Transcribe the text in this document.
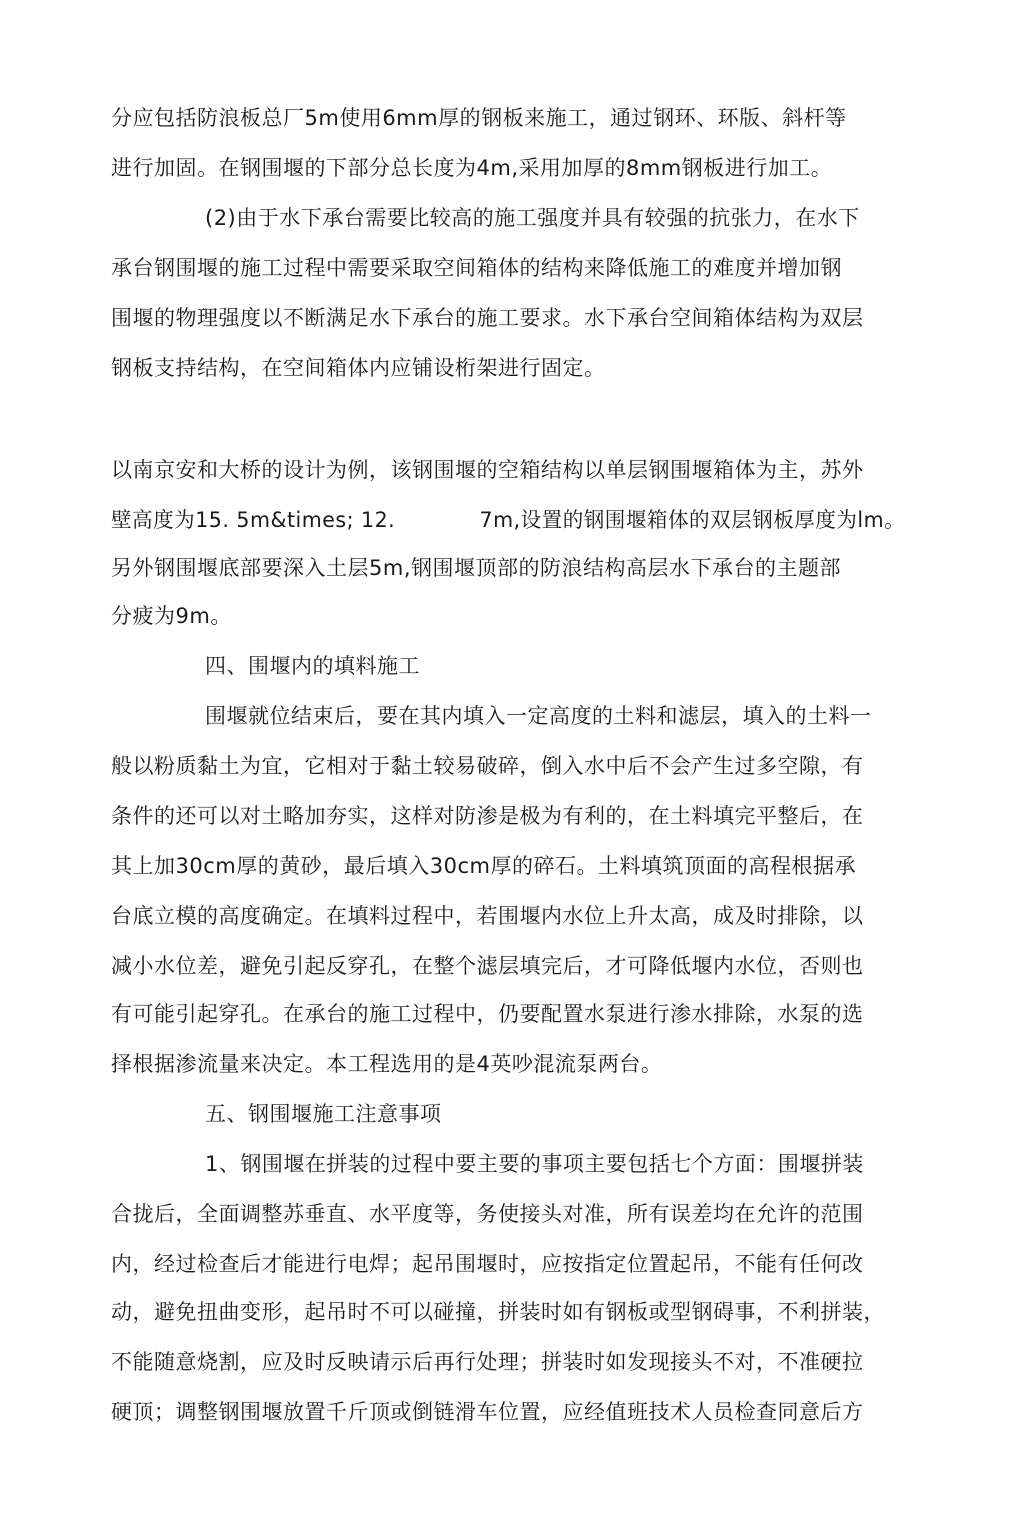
分应包括防浪板总厂5m使用6mm厚的钢板来施工，通过钢环、环版、斜杆等
进行加固。在钢围堰的下部分总长度为4m,采用加厚的8mm钢板进行加工。
(2)由于水下承台需要比较高的施工强度并具有较强的抗张力，在水下
承台钢围堰的施工过程中需要采取空间箱体的结构来降低施工的难度并增加钢
围堰的物理强度以不断满足水下承台的施工要求。水下承台空间箱体结构为双层
钢板支持结构，在空间箱体内应铺设桁架进行固定。
以南京安和大桥的设计为例，该钢围堰的空箱结构以单层钢围堰箱体为主，苏外
壁高度为15. 5m&times; 12.            7m,设置的钢围堰箱体的双层钢板厚度为lm。
另外钢围堰底部要深入土层5m,钢围堰顶部的防浪结构高层水下承台的主题部
分疲为9m。
四、围堰内的填料施工
围堰就位结束后，要在其内填入一定高度的土料和滤层，填入的土料一
般以粉质黏土为宜，它相对于黏土较易破碎，倒入水中后不会产生过多空隙，有
条件的还可以对土略加夯实，这样对防渗是极为有利的，在土料填完平整后，在
其上加30cm厚的黄砂，最后填入30cm厚的碎石。土料填筑顶面的高程根据承
台底立模的高度确定。在填料过程中，若围堰内水位上升太高，成及时排除，以
减小水位差，避免引起反穿孔，在整个滤层填完后，才可降低堰内水位，否则也
有可能引起穿孔。在承台的施工过程中，仍要配置水泵进行渗水排除，水泵的选
择根据渗流量来决定。本工程选用的是4英吵混流泵两台。
五、钢围堰施工注意事项
1、钢围堰在拼装的过程中要主要的事项主要包括七个方面：围堰拼装
合拢后，全面调整苏垂直、水平度等，务使接头对准，所有误差均在允许的范围
内，经过检查后才能进行电焊；起吊围堰时，应按指定位置起吊，不能有任何改
动，避免扭曲变形，起吊时不可以碰撞，拼装时如有钢板或型钢碍事，不利拼装，
不能随意烧割，应及时反映请示后再行处理；拼装时如发现接头不对，不准硬拉
硬顶；调整钢围堰放置千斤顶或倒链滑车位置，应经值班技术人员检查同意后方
